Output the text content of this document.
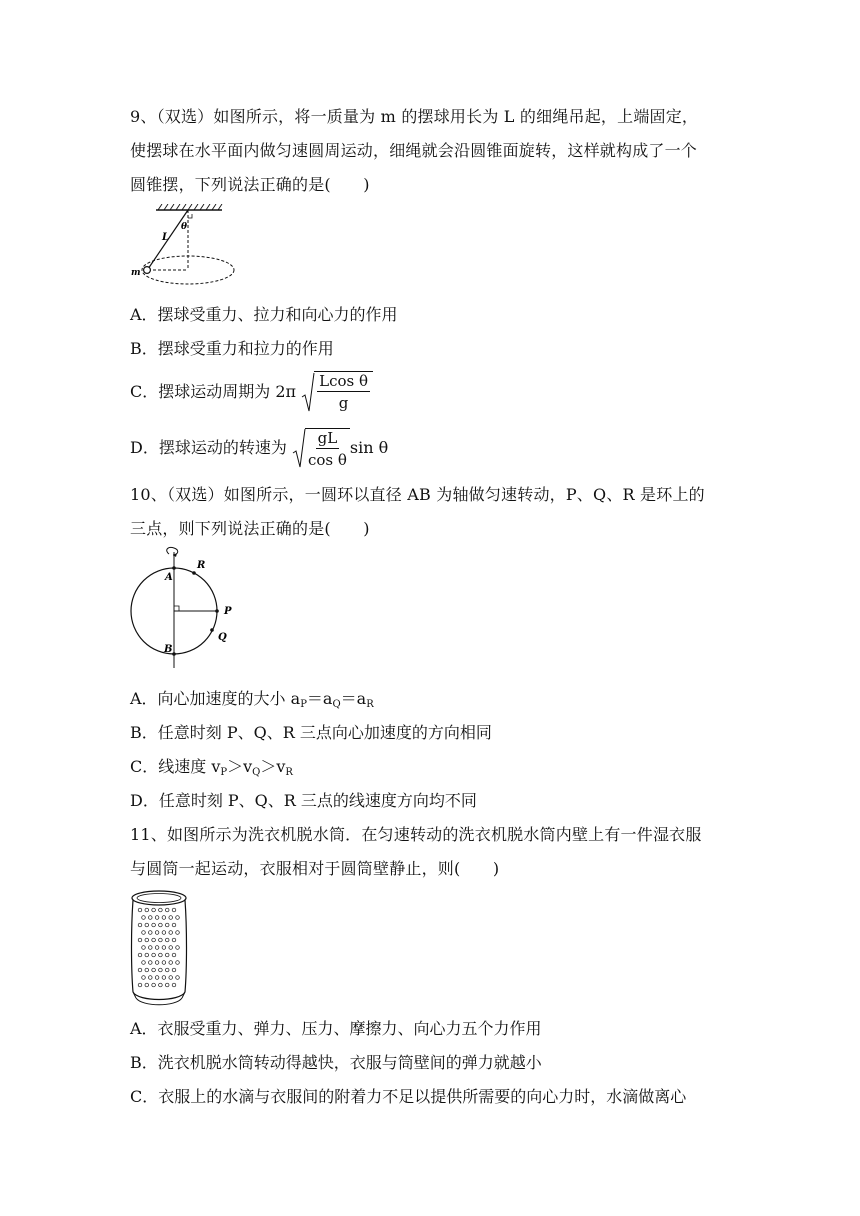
9、（双选）如图所示，将一质量为 m 的摆球用长为 L 的细绳吊起，上端固定，
使摆球在水平面内做匀速圆周运动，细绳就会沿圆锥面旋转，这样就构成了一个
圆锥摆，下列说法正确的是(　　)
L
θ
m
A．摆球受重力、拉力和向心力的作用
B．摆球受重力和拉力的作用
C．摆球运动周期为 $2\pi \frac{\text{Lcos θ}}{g}$
D．摆球运动的转速为 $\frac{gL}{\text{cos θ}}$ sin θ
10、（双选）如图所示，一圆环以直径 AB 为轴做匀速转动，P、Q、R 是环上的
三点，则下列说法正确的是(　　)
A
B
P
Q
R
A．向心加速度的大小 $a_P=a_Q=a_R$
B．任意时刻 P、Q、R 三点向心加速度的方向相同
C．线速度 $v_P>v_Q>v_R$
D．任意时刻 P、Q、R 三点的线速度方向均不同
11、如图所示为洗衣机脱水筒．在匀速转动的洗衣机脱水筒内壁上有一件湿衣服
与圆筒一起运动，衣服相对于圆筒壁静止，则(　　)
A．衣服受重力、弹力、压力、摩擦力、向心力五个力作用
B．洗衣机脱水筒转动得越快，衣服与筒壁间的弹力就越小
C．衣服上的水滴与衣服间的附着力不足以提供所需要的向心力时，水滴做离心
